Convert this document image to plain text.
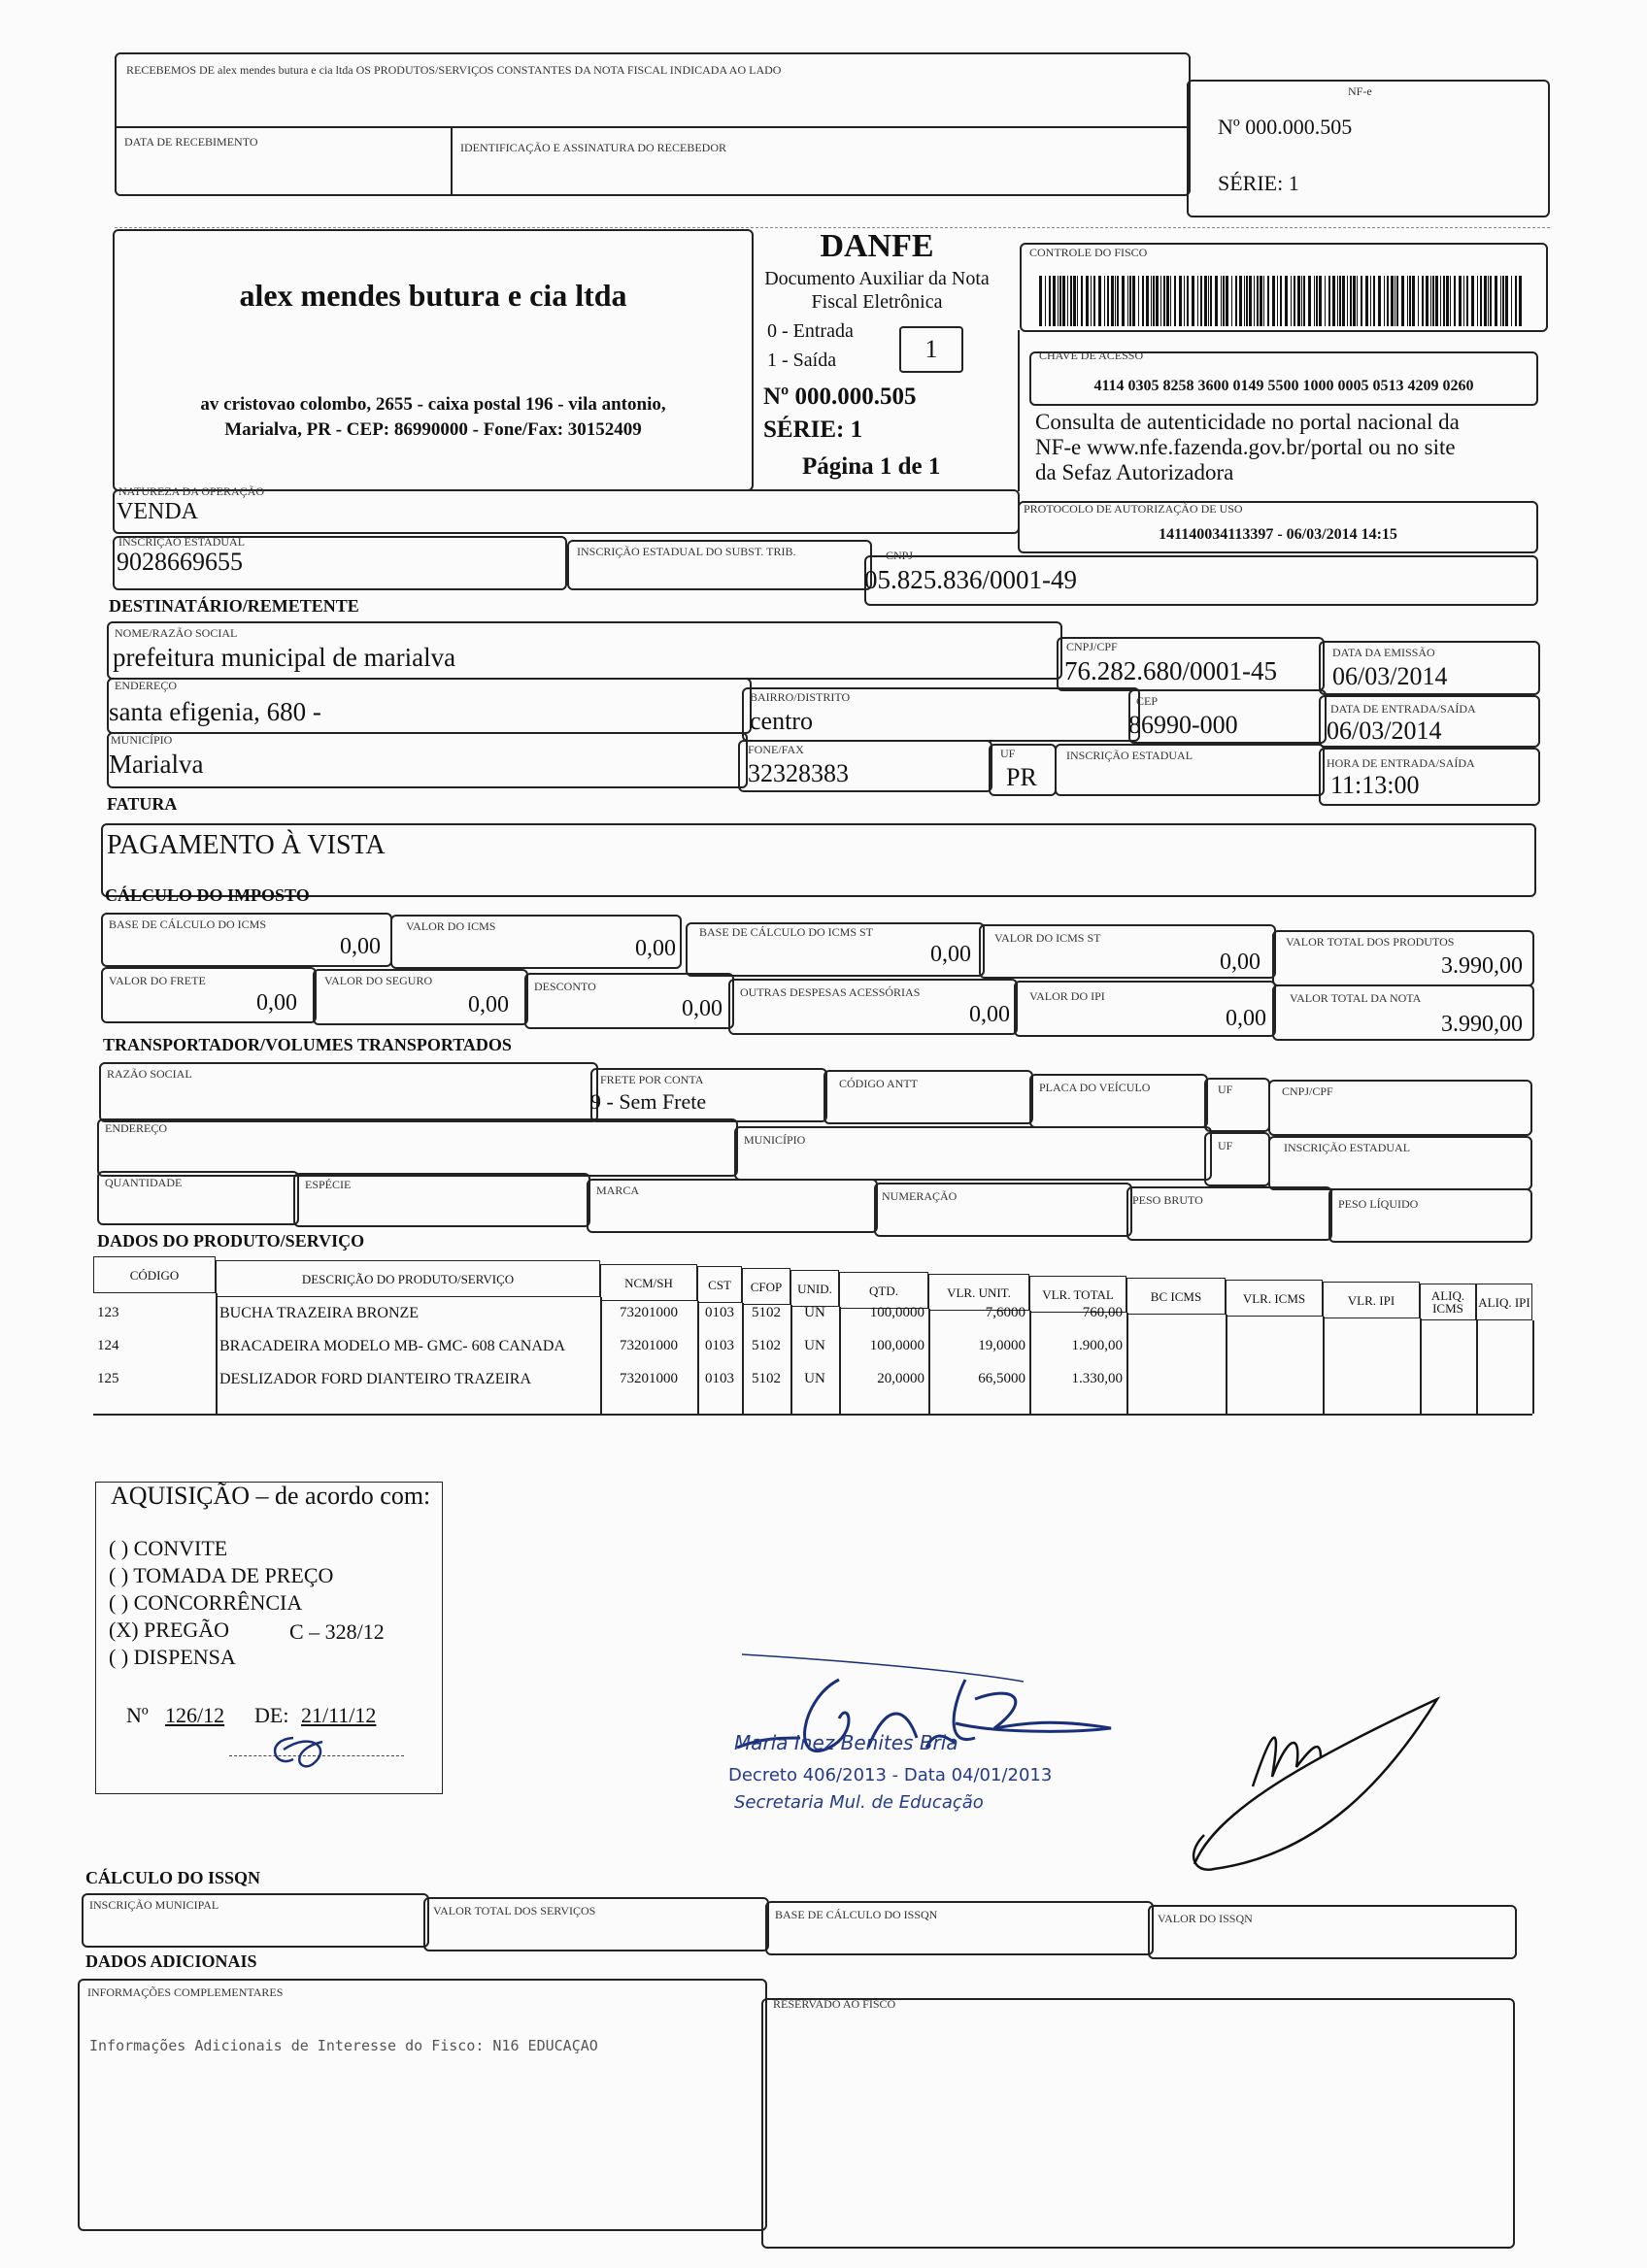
RECEBEMOS DE alex mendes butura e cia ltda OS PRODUTOS/SERVIÇOS CONSTANTES DA NOTA FISCAL INDICADA AO LADO
DATA DE RECEBIMENTO	IDENTIFICAÇÃO E ASSINATURA DO RECEBEDOR
NF-e
Nº 000.000.505
SÉRIE: 1
alex mendes butura e cia ltda
av cristovao colombo, 2655 - caixa postal 196 - vila antonio,
Marialva, PR - CEP: 86990000 - Fone/Fax: 30152409
DANFE
Documento Auxiliar da Nota
Fiscal Eletrônica
0 - Entrada
1 - Saída	1
Nº 000.000.505
SÉRIE: 1
Página 1 de 1
CONTROLE DO FISCO
CHAVE DE ACESSO
4114 0305 8258 3600 0149 5500 1000 0005 0513 4209 0260
Consulta de autenticidade no portal nacional da
NF-e www.nfe.fazenda.gov.br/portal ou no site
da Sefaz Autorizadora
NATUREZA DA OPERAÇÃO
VENDA	PROTOCOLO DE AUTORIZAÇÃO DE USO
141140034113397 - 06/03/2014 14:15
INSCRIÇÃO ESTADUAL
9028669655	INSCRIÇÃO ESTADUAL DO SUBST. TRIB.	CNPJ
05.825.836/0001-49
DESTINATÁRIO/REMETENTE
NOME/RAZÃO SOCIAL
prefeitura municipal de marialva	CNPJ/CPF
76.282.680/0001-45
DATA DA EMISSÃO
06/03/2014
ENDEREÇO
santa efigenia, 680 -	BAIRRO/DISTRITO
centro
CEP
86990-000
DATA DE ENTRADA/SAÍDA
06/03/2014
MUNICÍPIO
Marialva	FONE/FAX
32328383
UF
PR
INSCRIÇÃO ESTADUAL
HORA DE ENTRADA/SAÍDA
11:13:00
FATURA
PAGAMENTO À VISTA
CÁLCULO DO IMPOSTO
BASE DE CÁLCULO DO ICMS
0,00
VALOR DO ICMS
0,00
BASE DE CÁLCULO DO ICMS ST
0,00
VALOR DO ICMS ST
0,00
VALOR TOTAL DOS PRODUTOS
3.990,00
VALOR DO FRETE
0,00
VALOR DO SEGURO
0,00
DESCONTO
0,00
OUTRAS DESPESAS ACESSÓRIAS
0,00
VALOR DO IPI
0,00
VALOR TOTAL DA NOTA
3.990,00
TRANSPORTADOR/VOLUMES TRANSPORTADOS
RAZÃO SOCIAL	FRETE POR CONTA
9 - Sem Frete
CÓDIGO ANTT	PLACA DO VEÍCULO	UF	CNPJ/CPF
ENDEREÇO
MUNICÍPIO	UF	INSCRIÇÃO ESTADUAL
QUANTIDADE	ESPÉCIE	MARCA	NUMERAÇÃO	PESO BRUTO	PESO LÍQUIDO
DADOS DO PRODUTO/SERVIÇO
CÓDIGO	DESCRIÇÃO DO PRODUTO/SERVIÇO	NCM/SH	CST	CFOP	UNID.	QTD.	VLR. UNIT.	VLR. TOTAL	BC ICMS	VLR. ICMS	VLR. IPI	ALIQ. ICMS	ALIQ. IPI
123	BUCHA TRAZEIRA BRONZE	73201000	0103	5102	UN	100,0000	7,6000	760,00
124	BRACADEIRA MODELO MB- GMC- 608 CANADA	73201000	0103	5102	UN	100,0000	19,0000	1.900,00
125	DESLIZADOR FORD DIANTEIRO TRAZEIRA	73201000	0103	5102	UN	20,0000	66,5000	1.330,00
AQUISIÇÃO – de acordo com:
( ) CONVITE
( ) TOMADA DE PREÇO
( ) CONCORRÊNCIA
(X) PREGÃO	C – 328/12
( ) DISPENSA
Nº 126/12 DE: 21/11/12
Maria Inez Benites Bria
Decreto 406/2013 - Data 04/01/2013
Secretaria Mul. de Educação
CÁLCULO DO ISSQN
INSCRIÇÃO MUNICIPAL	VALOR TOTAL DOS SERVIÇOS	BASE DE CÁLCULO DO ISSQN	VALOR DO ISSQN
DADOS ADICIONAIS
INFORMAÇÕES COMPLEMENTARES
Informações Adicionais de Interesse do Fisco: N16 EDUCAÇAO
RESERVADO AO FISCO
